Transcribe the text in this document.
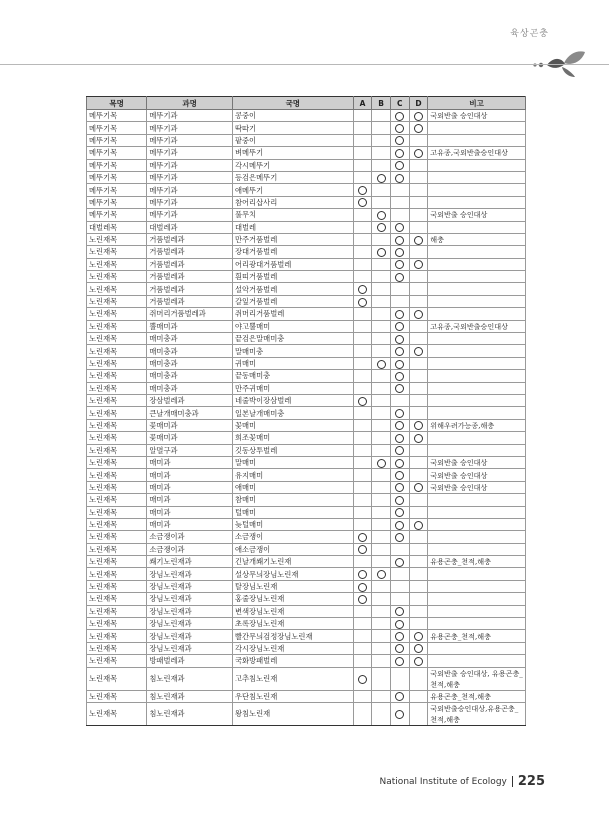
육상곤충
목명	과명	국명	A	B	C	D	비고
메뚜기목	메뚜기과	콩중이					국외반출 승인대상
메뚜기목	메뚜기과	딱따기					
메뚜기목	메뚜기과	팥중이					
메뚜기목	메뚜기과	벼메뚜기					고유종,국외반출승인대상
메뚜기목	메뚜기과	각시메뚜기					
메뚜기목	메뚜기과	등검은메뚜기					
메뚜기목	메뚜기과	애메뚜기					
메뚜기목	메뚜기과	참어리삽사리					
메뚜기목	메뚜기과	풀무치					국외반출 승인대상
대벌레목	대벌레과	대벌레					
노린재목	거품벌레과	만주거품벌레					해충
노린재목	거품벌레과	장대거품벌레					
노린재목	거품벌레과	어리광대거품벌레					
노린재목	거품벌레과	흰띠거품벌레					
노린재목	거품벌레과	설악거품벌레					
노린재목	거품벌레과	갈잎거품벌레					
노린재목	쥐머리거품벌레과	쥐머리거품벌레					
노린재목	뿔매미과	야고뿔매미					고유종,국외반출승인대상
노린재목	매미충과	끝검은말매미충					
노린재목	매미충과	말매미충					
노린재목	매미충과	귀매미					
노린재목	매미충과	끝동매미충					
노린재목	매미충과	만주귀매미					
노린재목	장삼벌레과	네줄박이장삼벌레					
노린재목	큰날개매미충과	일본날개매미충					
노린재목	꽃매미과	꽃매미					위해우려가능종,해충
노린재목	꽃매미과	희조꽃매미					
노린재목	알멸구과	깃동상투벌레					
노린재목	매미과	말매미					국외반출 승인대상
노린재목	매미과	유지매미					국외반출 승인대상
노린재목	매미과	애매미					국외반출 승인대상
노린재목	매미과	참매미					
노린재목	매미과	털매미					
노린재목	매미과	늦털매미					
노린재목	소금쟁이과	소금쟁이					
노린재목	소금쟁이과	애소금쟁이					
노린재목	쐐기노린재과	긴날개쐐기노린재					유용곤충_천적,해충
노린재목	장님노린재과	설상무늬장님노린재					
노린재목	장님노린재과	탈장님노린재					
노린재목	장님노린재과	홍줄장님노린재					
노린재목	장님노린재과	변색장님노린재					
노린재목	장님노린재과	초록장님노린재					
노린재목	장님노린재과	빨간무늬검정장님노린재					유용곤충_천적,해충
노린재목	장님노린재과	각시장님노린재					
노린재목	방패벌레과	국화방패벌레					
노린재목	침노린재과	고추침노린재					국외반출 승인대상, 유용곤충_천적,해충
노린재목	침노린재과	우단침노린재					유용곤충_천적,해충
노린재목	침노린재과	왕침노린재					국외반출승인대상,유용곤충_천적,해충
National Institute of Ecology 225
